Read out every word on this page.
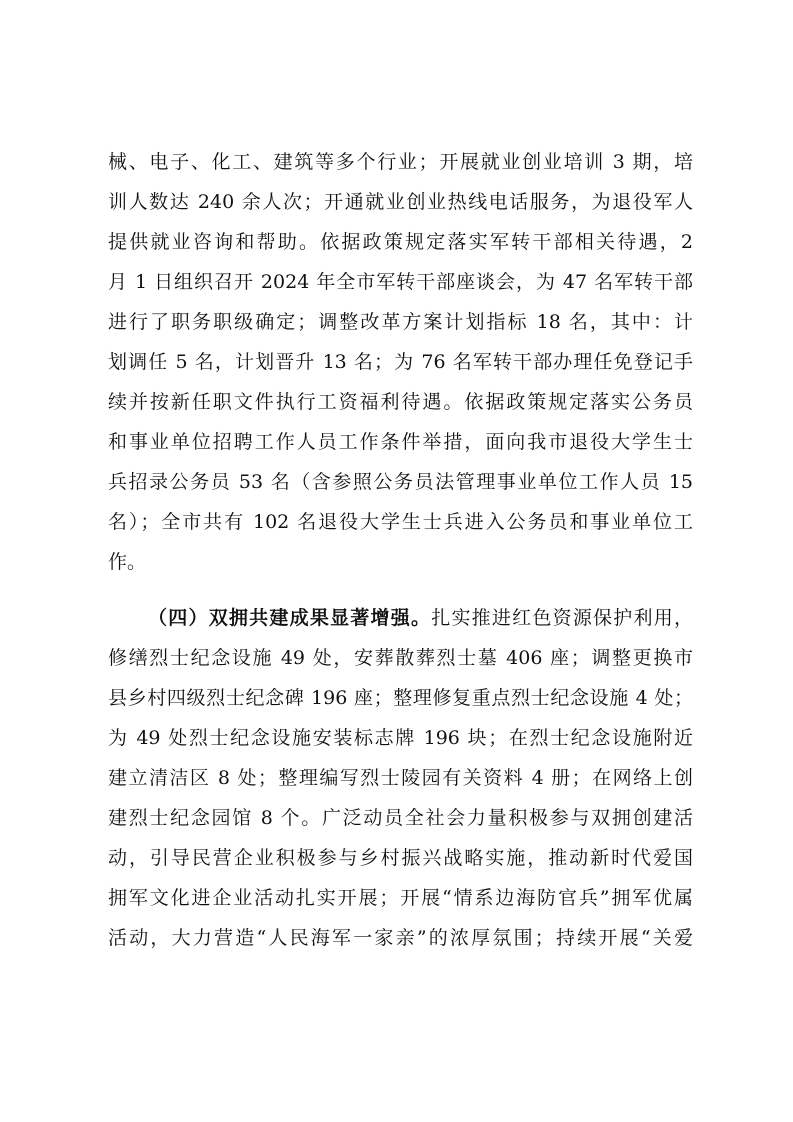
械、电子、化工、建筑等多个行业；开展就业创业培训 3 期，培
训人数达 240 余人次；开通就业创业热线电话服务，为退役军人
提供就业咨询和帮助。依据政策规定落实军转干部相关待遇，2
月 1 日组织召开 2024 年全市军转干部座谈会，为 47 名军转干部
进行了职务职级确定；调整改革方案计划指标 18 名，其中：计
划调任 5 名，计划晋升 13 名；为 76 名军转干部办理任免登记手
续并按新任职文件执行工资福利待遇。依据政策规定落实公务员
和事业单位招聘工作人员工作条件举措，面向我市退役大学生士
兵招录公务员 53 名（含参照公务员法管理事业单位工作人员 15
名）；全市共有 102 名退役大学生士兵进入公务员和事业单位工
作。
（四）双拥共建成果显著增强。扎实推进红色资源保护利用，
修缮烈士纪念设施 49 处，安葬散葬烈士墓 406 座；调整更换市
县乡村四级烈士纪念碑 196 座；整理修复重点烈士纪念设施 4 处；
为 49 处烈士纪念设施安装标志牌 196 块；在烈士纪念设施附近
建立清洁区 8 处；整理编写烈士陵园有关资料 4 册；在网络上创
建烈士纪念园馆 8 个。广泛动员全社会力量积极参与双拥创建活
动，引导民营企业积极参与乡村振兴战略实施，推动新时代爱国
拥军文化进企业活动扎实开展；开展“情系边海防官兵”拥军优属
活动，大力营造“人民海军一家亲”的浓厚氛围；持续开展“关爱
